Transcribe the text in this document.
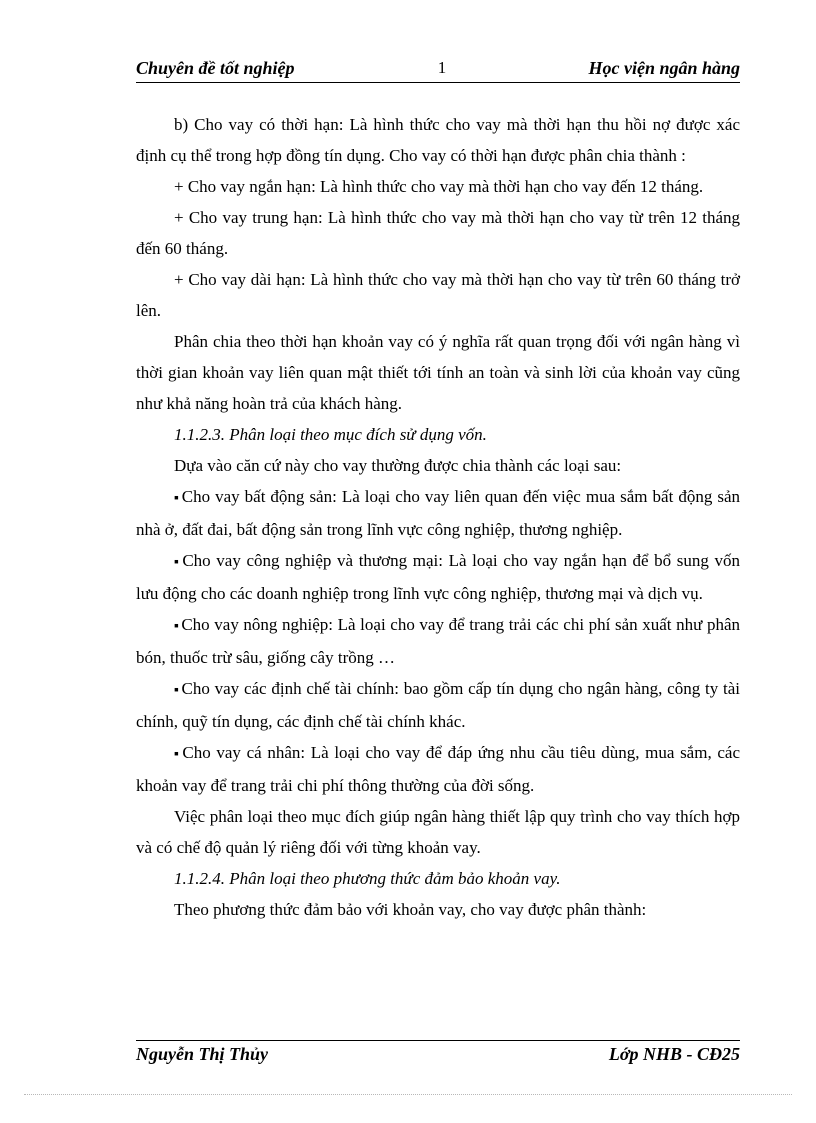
Chuyên đề tốt nghiệp	1	Học viện ngân hàng

b) Cho vay có thời hạn: Là hình thức cho vay mà thời hạn thu hồi nợ được xác định cụ thể trong hợp đồng tín dụng. Cho vay có thời hạn được phân chia thành :

+ Cho vay ngắn hạn: Là hình thức cho vay mà thời hạn cho vay đến 12 tháng.

+ Cho vay trung hạn: Là hình thức cho vay mà thời hạn cho vay từ trên 12 tháng đến 60 tháng.

+ Cho vay dài hạn: Là hình thức cho vay mà thời hạn cho vay từ trên 60 tháng trở lên.

Phân chia theo thời hạn khoản vay có ý nghĩa rất quan trọng đối với ngân hàng vì thời gian khoản vay liên quan mật thiết tới tính an toàn và sinh lời của khoản vay cũng như khả năng hoàn trả của khách hàng.

1.1.2.3. Phân loại theo mục đích sử dụng vốn.

Dựa vào căn cứ này cho vay thường được chia thành các loại sau:

▪ Cho vay bất động sản: Là loại cho vay liên quan đến việc mua sắm bất động sản nhà ở, đất đai, bất động sản trong lĩnh vực công nghiệp, thương nghiệp.

▪ Cho vay công nghiệp và thương mại: Là loại cho vay ngắn hạn để bổ sung vốn lưu động cho các doanh nghiệp trong lĩnh vực công nghiệp, thương mại và dịch vụ.

▪ Cho vay nông nghiệp: Là loại cho vay để trang trải các chi phí sản xuất như phân bón, thuốc trừ sâu, giống cây trồng …

▪ Cho vay các định chế tài chính: bao gồm cấp tín dụng cho ngân hàng, công ty tài chính, quỹ tín dụng, các định chế tài chính khác.

▪ Cho vay cá nhân: Là loại cho vay để đáp ứng nhu cầu tiêu dùng, mua sắm, các khoản vay để trang trải chi phí thông thường của đời sống.

Việc phân loại theo mục đích giúp ngân hàng thiết lập quy trình cho vay thích hợp và có chế độ quản lý riêng đối với từng khoản vay.

1.1.2.4. Phân loại theo phương thức đảm bảo khoản vay.

Theo phương thức đảm bảo với khoản vay, cho vay được phân thành:

Nguyễn Thị Thủy	Lớp NHB - CĐ25
